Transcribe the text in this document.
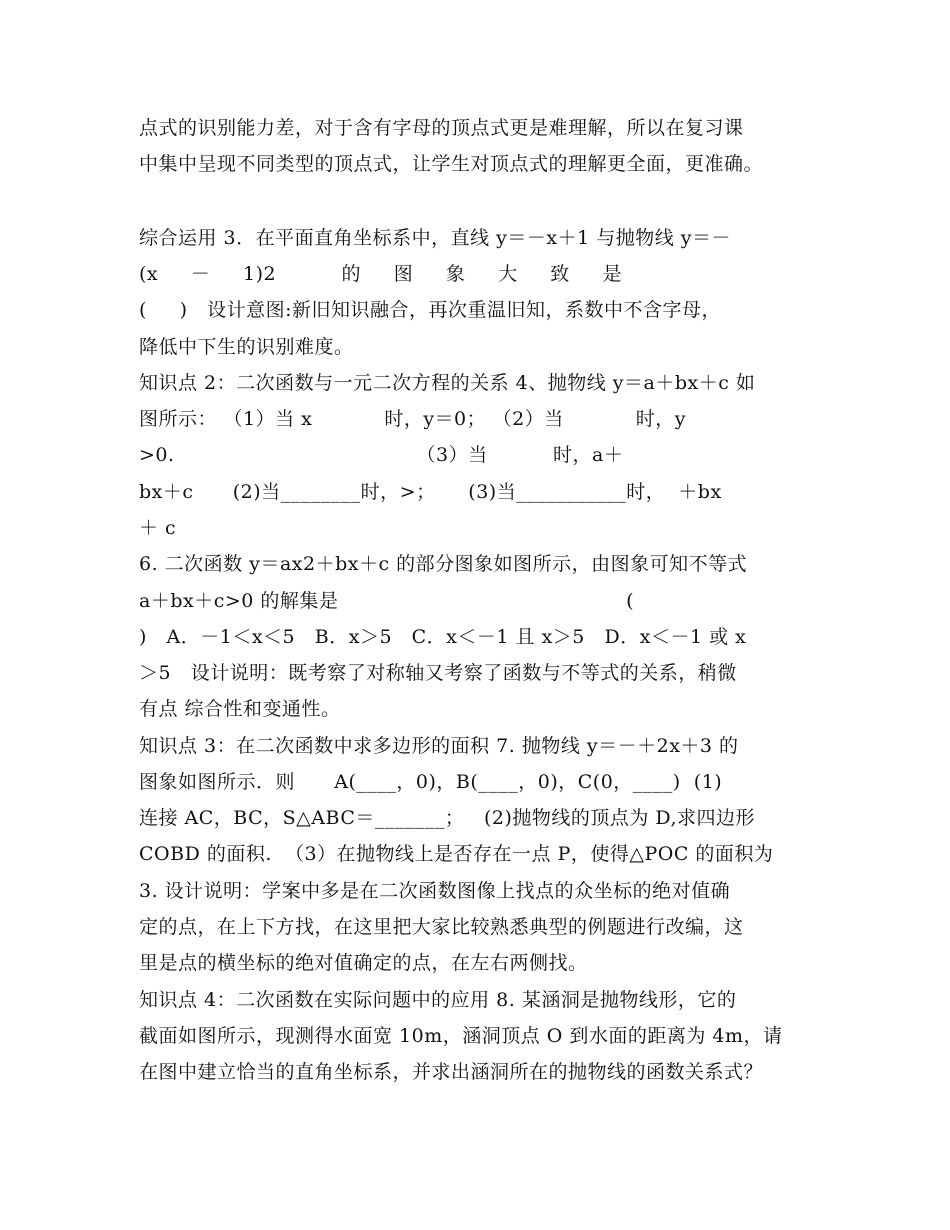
点式的识别能力差，对于含有字母的顶点式更是难理解，所以在复习课
中集中呈现不同类型的顶点式，让学生对顶点式的理解更全面，更准确。
综合运用 3．在平面直角坐标系中，直线 y＝－x＋1 与抛物线 y＝－
(x     －     1)2          的     图     象     大     致     是
(     )   设计意图:新旧知识融合，再次重温旧知，系数中不含字母，
降低中下生的识别难度。
知识点 2：二次函数与一元二次方程的关系 4、抛物线 y＝a＋bx＋c 如
图所示： （1）当 x           时，y＝0； （2）当           时，y
>0.                                     （3）当          时，a＋
bx＋c      (2)当________时，>；     (3)当___________时，  ＋bx
＋ c
6. 二次函数 y＝ax2＋bx＋c 的部分图象如图所示，由图象可知不等式
a＋bx＋c>0 的解集是                                            (
)   A．－1＜x＜5   B．x＞5   C．x＜－1 且 x＞5   D．x＜－1 或 x
＞5   设计说明：既考察了对称轴又考察了函数与不等式的关系，稍微
有点 综合性和变通性。
知识点 3：在二次函数中求多边形的面积 7. 抛物线 y＝－＋2x＋3 的
图象如图所示．则      A(____，0)，B(____，0)，C(0，____)  (1)
连接 AC，BC，S△ABC＝_______；   (2)抛物线的顶点为 D,求四边形
COBD 的面积.  （3）在抛物线上是否存在一点 P，使得△POC 的面积为
3. 设计说明：学案中多是在二次函数图像上找点的众坐标的绝对值确
定的点，在上下方找，在这里把大家比较熟悉典型的例题进行改编，这
里是点的横坐标的绝对值确定的点，在左右两侧找。
知识点 4：二次函数在实际问题中的应用 8. 某涵洞是抛物线形，它的
截面如图所示，现测得水面宽 10m，涵洞顶点 O 到水面的距离为 4m，请
在图中建立恰当的直角坐标系，并求出涵洞所在的抛物线的函数关系式？
